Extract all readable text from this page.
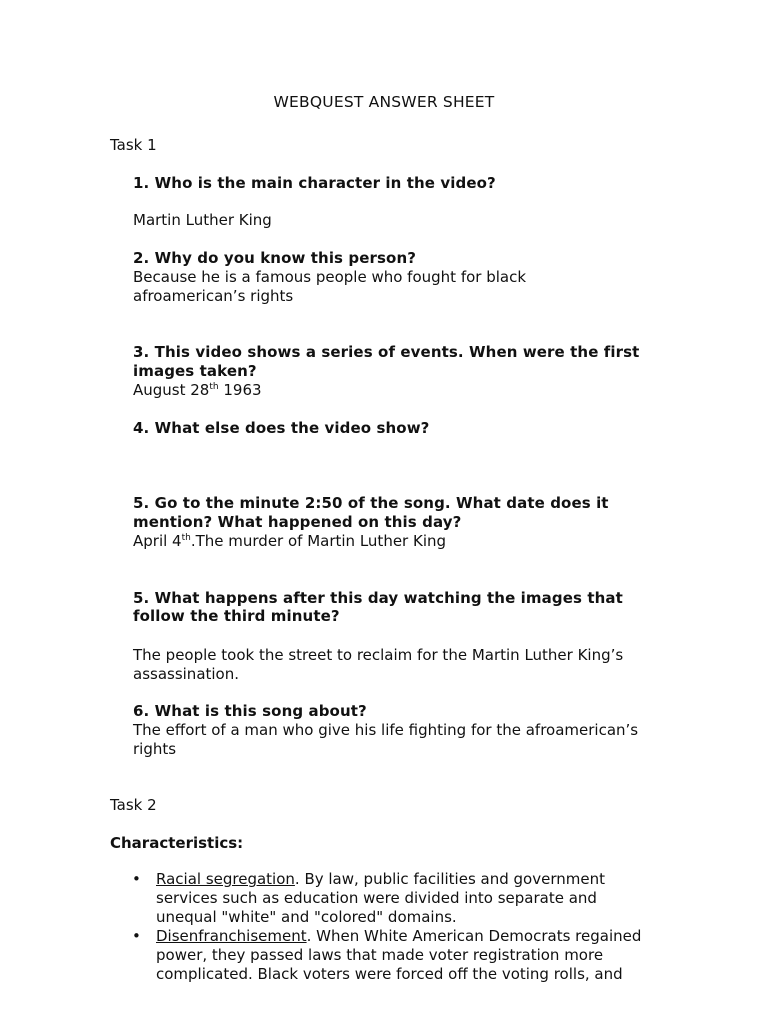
WEBQUEST ANSWER SHEET
Task 1
1. Who is the main character in the video?
Martin Luther King
2. Why do you know this person?
Because he is a famous people who fought for black
afroamerican’s rights
3. This video shows a series of events. When were the first
images taken?
August 28th 1963
4. What else does the video show?
5. Go to the minute 2:50 of the song. What date does it
mention? What happened on this day?
April 4th.The murder of Martin Luther King
5. What happens after this day watching the images that
follow the third minute?
The people took the street to reclaim for the Martin Luther King’s
assassination.
6. What is this song about?
The effort of a man who give his life fighting for the afroamerican’s
rights
Task 2
Characteristics:
• Racial segregation. By law, public facilities and government
services such as education were divided into separate and
unequal "white" and "colored" domains.
• Disenfranchisement. When White American Democrats regained
power, they passed laws that made voter registration more
complicated. Black voters were forced off the voting rolls, and
